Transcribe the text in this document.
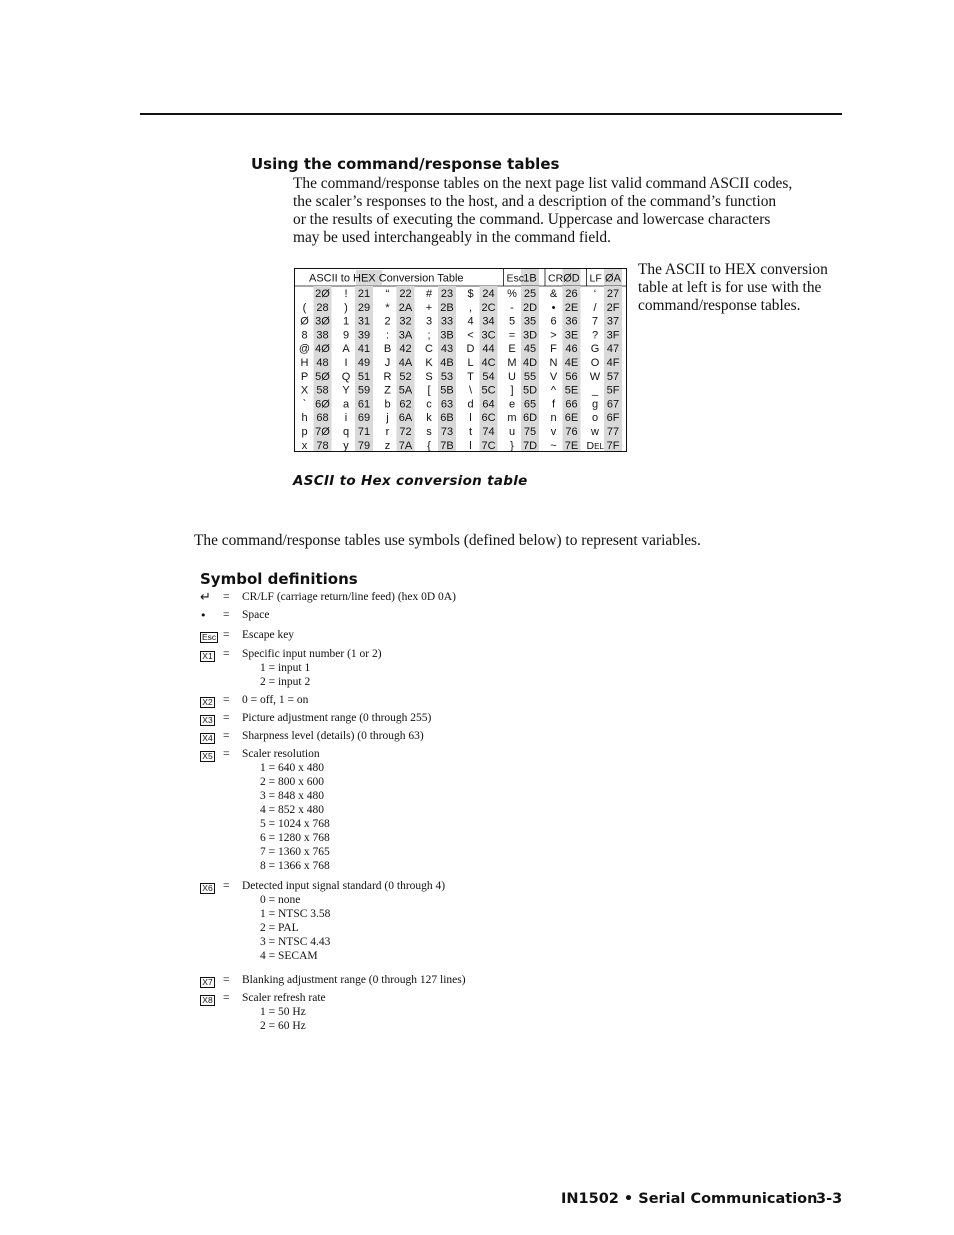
Using the command/response tables

The command/response tables on the next page list valid command ASCII codes,
the scaler’s responses to the host, and a description of the command’s function
or the results of executing the command. Uppercase and lowercase characters
may be used interchangeably in the command field.

The ASCII to HEX conversion
table at left is for use with the
command/response tables.

ASCII to HEX Conversion Table	Esc 1B CR ØD LF ØA
2Ø ! 21 “ 22 # 23 $ 24 % 25 & 26 ‘ 27
( 28 ) 29 * 2A + 2B , 2C - 2D • 2E / 2F
Ø 3Ø 1 31 2 32 3 33 4 34 5 35 6 36 7 37
8 38 9 39 : 3A ; 3B < 3C = 3D > 3E ? 3F
@ 4Ø A 41 B 42 C 43 D 44 E 45 F 46 G 47
H 48 I 49 J 4A K 4B L 4C M 4D N 4E O 4F
P 5Ø Q 51 R 52 S 53 T 54 U 55 V 56 W 57
X 58 Y 59 Z 5A [ 5B \ 5C ] 5D ^ 5E _ 5F
` 6Ø a 61 b 62 c 63 d 64 e 65 f 66 g 67
h 68 i 69 j 6A k 6B l 6C m 6D n 6E o 6F
p 7Ø q 71 r 72 s 73 t 74 u 75 v 76 w 77
x 78 y 79 z 7A { 7B l 7C } 7D ~ 7E DEL 7F
ASCII to Hex conversion table

The command/response tables use symbols (defined below) to represent variables.

Symbol definitions
↵	= CR/LF (carriage return/line feed) (hex 0D 0A)
•	= Space
Esc = Escape key
X1 = Specific input number (1 or 2)
1 = input 1
2 = input 2
X2 = 0 = off, 1 = on
X3 = Picture adjustment range (0 through 255)
X4 = Sharpness level (details) (0 through 63)
X5 = Scaler resolution
1 = 640 x 480
2 = 800 x 600
3 = 848 x 480
4 = 852 x 480
5 = 1024 x 768
6 = 1280 x 768
7 = 1360 x 765
8 = 1366 x 768
X6 = Detected input signal standard (0 through 4)
0 = none
1 = NTSC 3.58
2 = PAL
3 = NTSC 4.43
4 = SECAM
X7 = Blanking adjustment range (0 through 127 lines)
X8 = Scaler refresh rate
1 = 50 Hz
2 = 60 Hz
IN1502 • Serial Communication
3-3
